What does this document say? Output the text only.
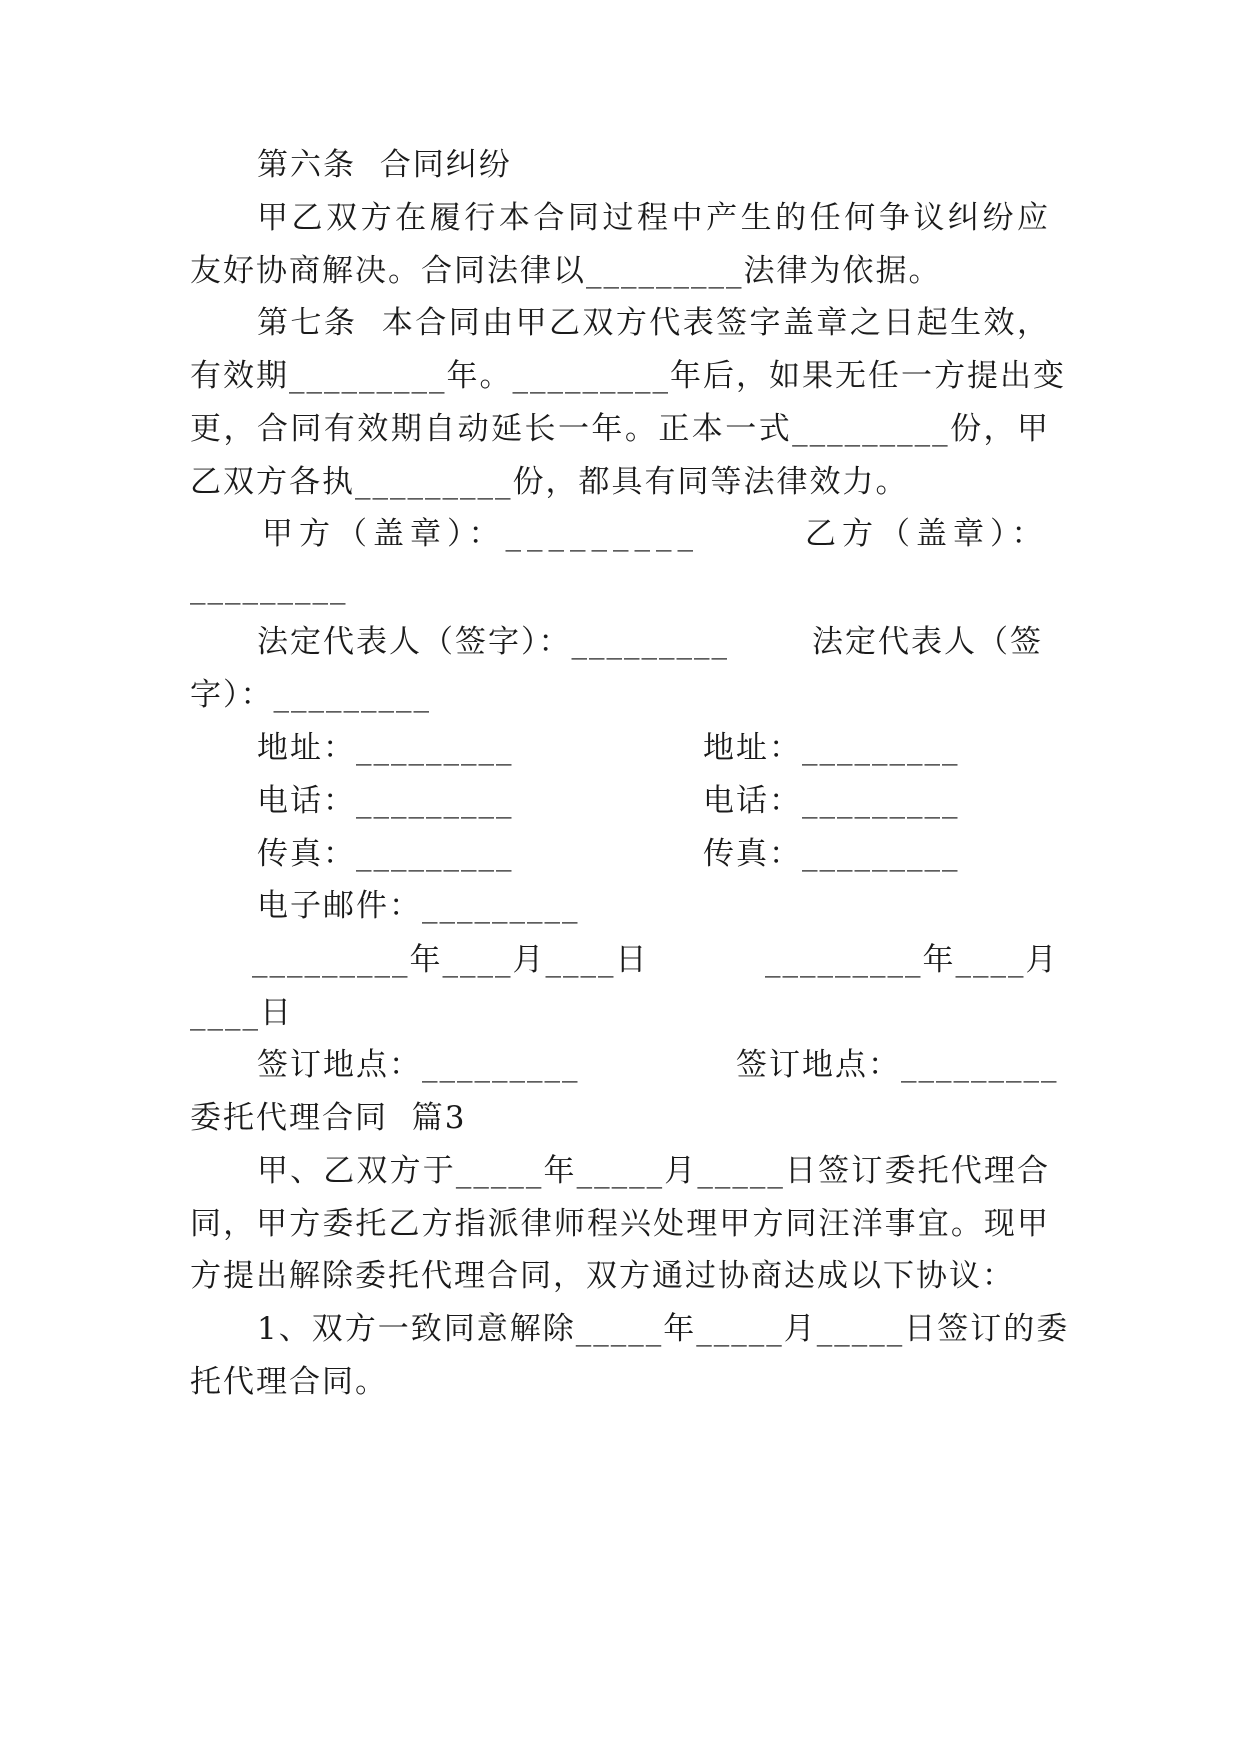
第六条  合同纠纷
甲乙双方在履行本合同过程中产生的任何争议纠纷应
友好协商解决。合同法律以_________法律为依据。
第七条  本合同由甲乙双方代表签字盖章之日起生效，
有效期_________年。_________年后，如果无任一方提出变
更，合同有效期自动延长一年。正本一式_________份，甲
乙双方各执_________份，都具有同等法律效力。
甲方（盖章）：_________	乙方（盖章）：
_________
法定代表人（签字）：_________	法定代表人（签
字）：_________
地址：_________	地址：_________
电话：_________	电话：_________
传真：_________	传真：_________
电子邮件：_________
_________年____月____日	_________年____月
____日
签订地点：_________	签订地点：_________
委托代理合同  篇3
甲、乙双方于_____年_____月_____日签订委托代理合
同，甲方委托乙方指派律师程兴处理甲方同汪洋事宜。现甲
方提出解除委托代理合同，双方通过协商达成以下协议：
1、双方一致同意解除_____年_____月_____日签订的委
托代理合同。
